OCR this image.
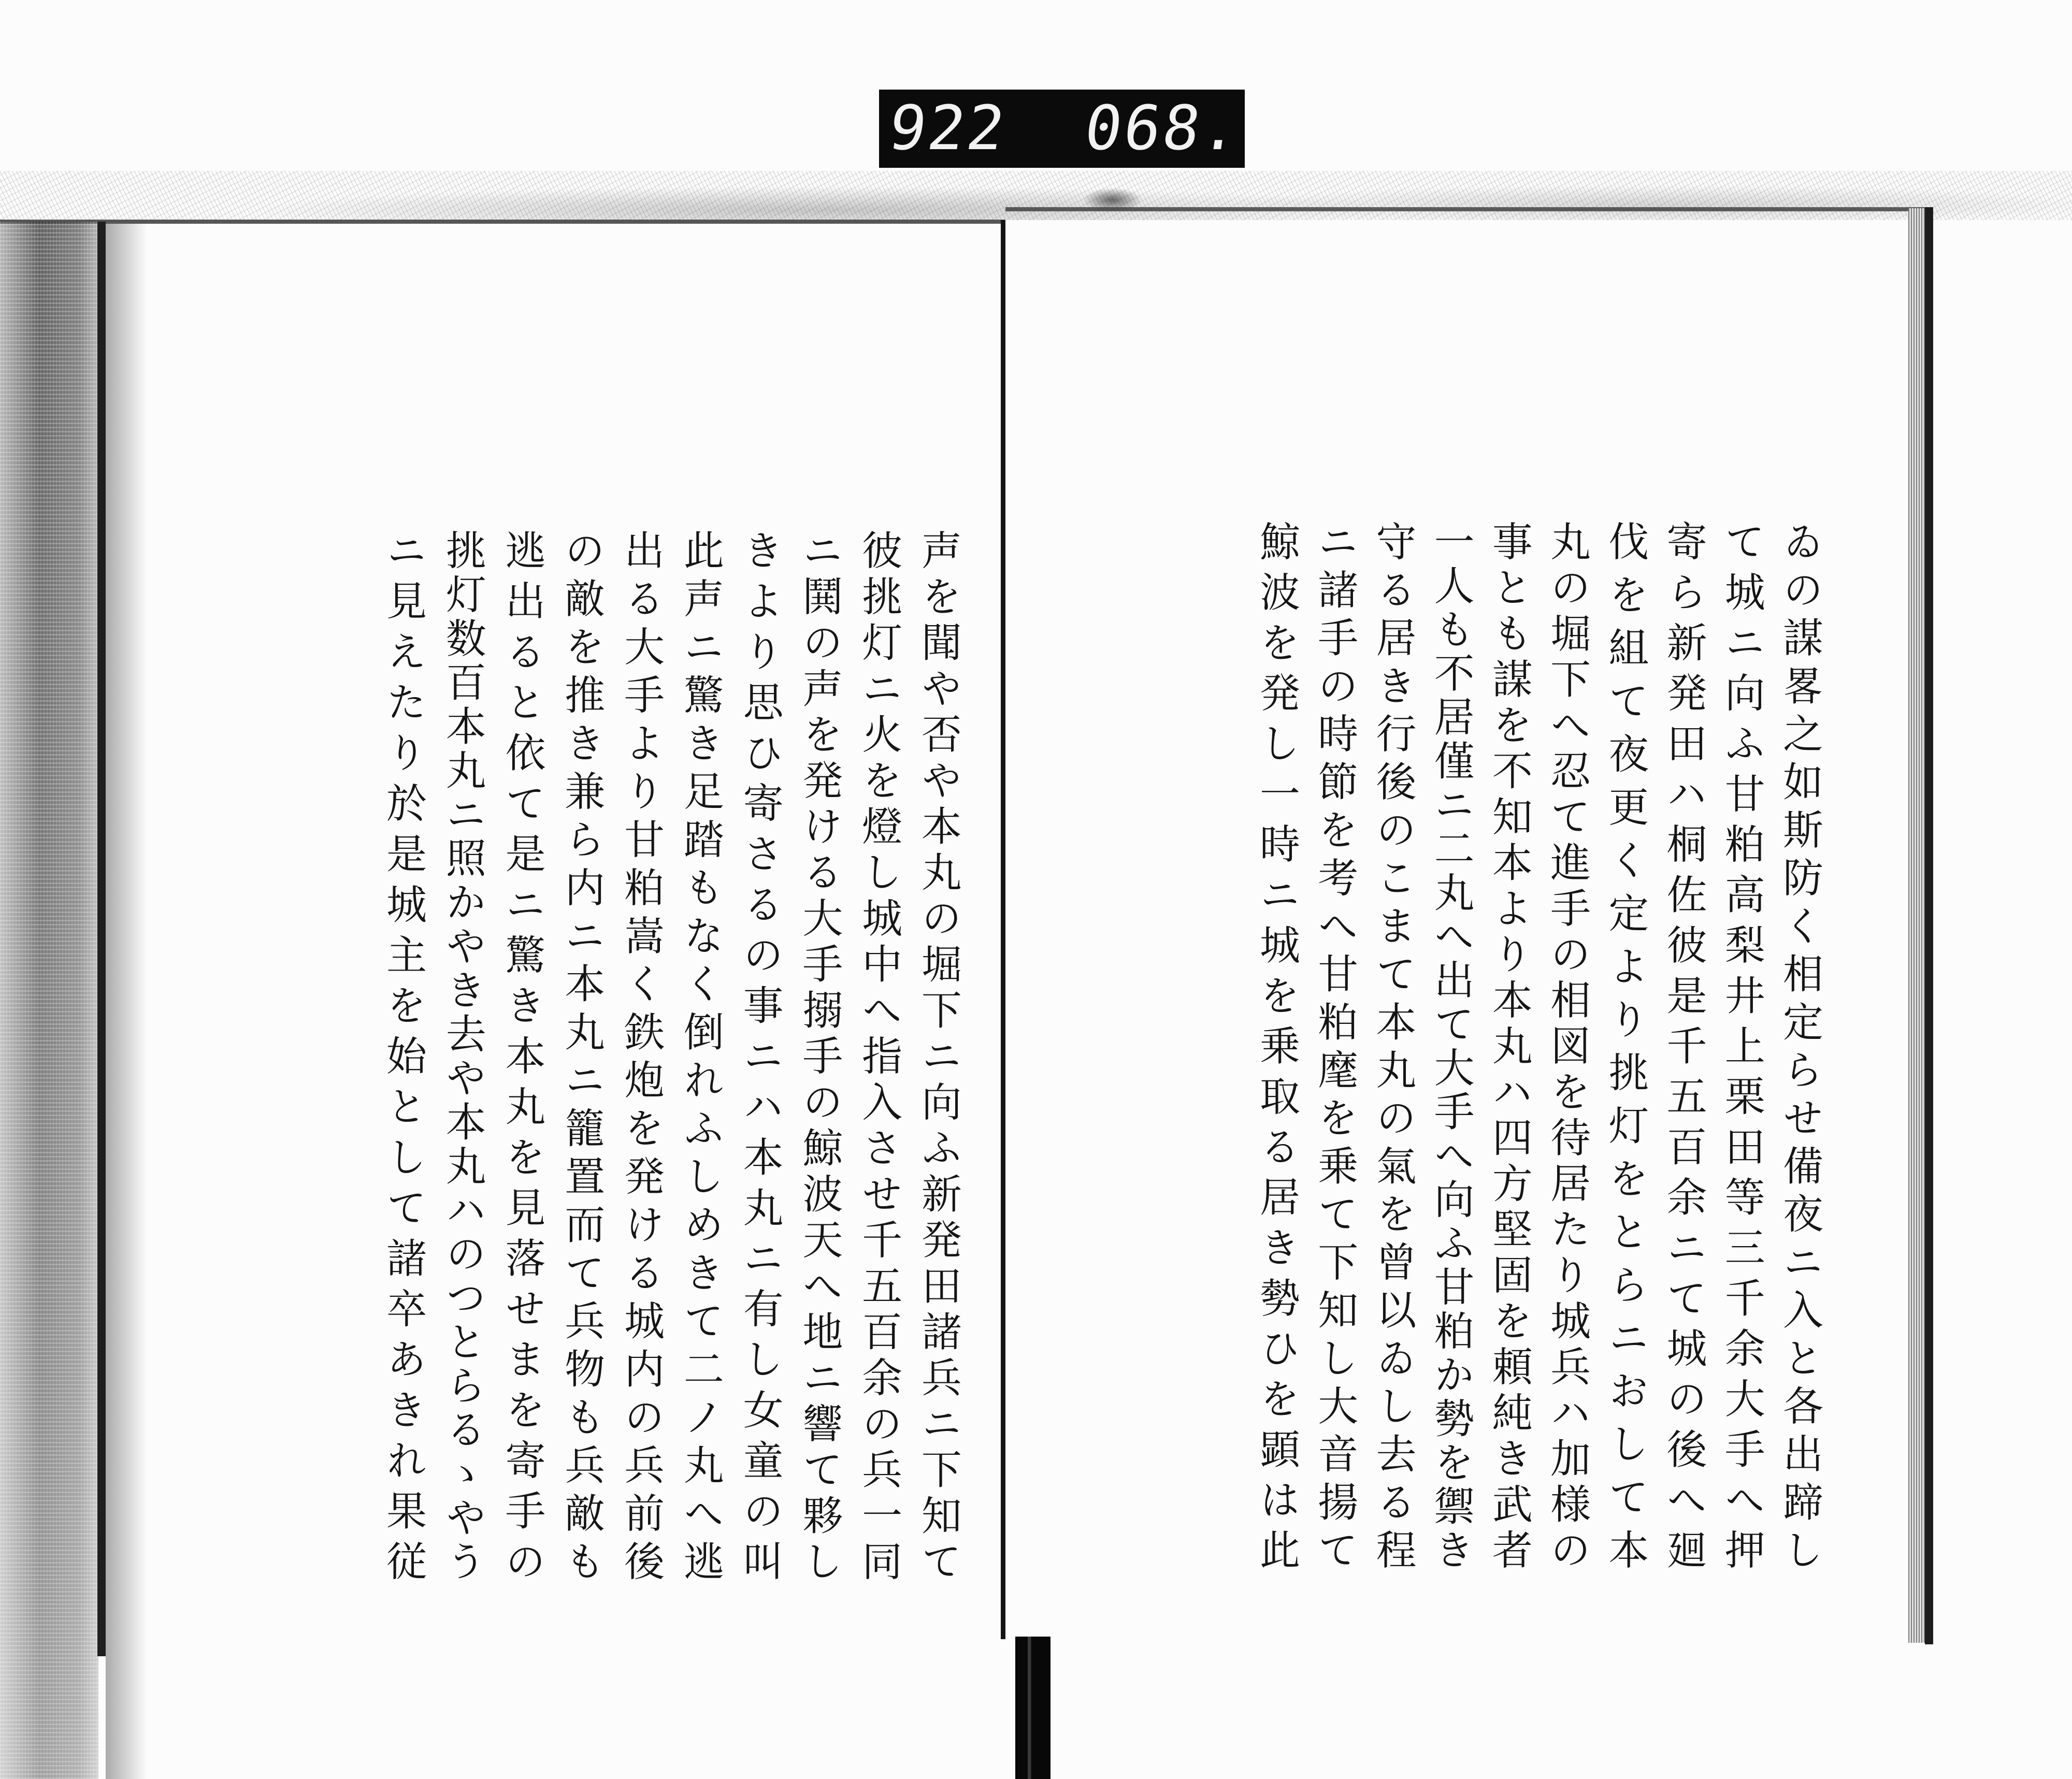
922 068.
声を聞や否や本丸の堀下ニ向ふ新発田諸兵ニ下知て
彼挑灯ニ火を燈し城中へ指入させ千五百余の兵一同
ニ鬨の声を発ける大手搦手の鯨波天へ地ニ響て夥し
きより思ひ寄さるの事ニハ本丸ニ有し女童の叫
此声ニ驚き足踏もなく倒れふしめきて二ノ丸へ逃
出る大手より甘粕嵩く鉄炮を発ける城内の兵前後
の敵を推き兼ら内ニ本丸ニ籠置而て兵物も兵敵も
逃出ると依て是ニ驚き本丸を見落せまを寄手の
挑灯数百本丸ニ照かやき去や本丸ハのつとらるゝやう
ニ見えたり於是城主を始として諸卒あきれ果従	ゐの謀畧之如斯防く相定らせ備夜ニ入と各出蹄し
て城ニ向ふ甘粕高梨井上栗田等三千余大手へ押
寄ら新発田ハ桐佐彼是千五百余ニて城の後へ廻
伐を組て夜更く定より挑灯をとらニおして本
丸の堀下へ忍て進手の相図を待居たり城兵ハ加様の
事とも謀を不知本より本丸ハ四方堅固を頼純き武者
一人も不居僅ニ二丸へ出て大手へ向ふ甘粕か勢を禦き
守る居き行後のこまて本丸の氣を曾以ゐし去る程
ニ諸手の時節を考へ甘粕麾を乗て下知し大音揚て
鯨波を発し一時ニ城を乗取る居き勢ひを顕は此
